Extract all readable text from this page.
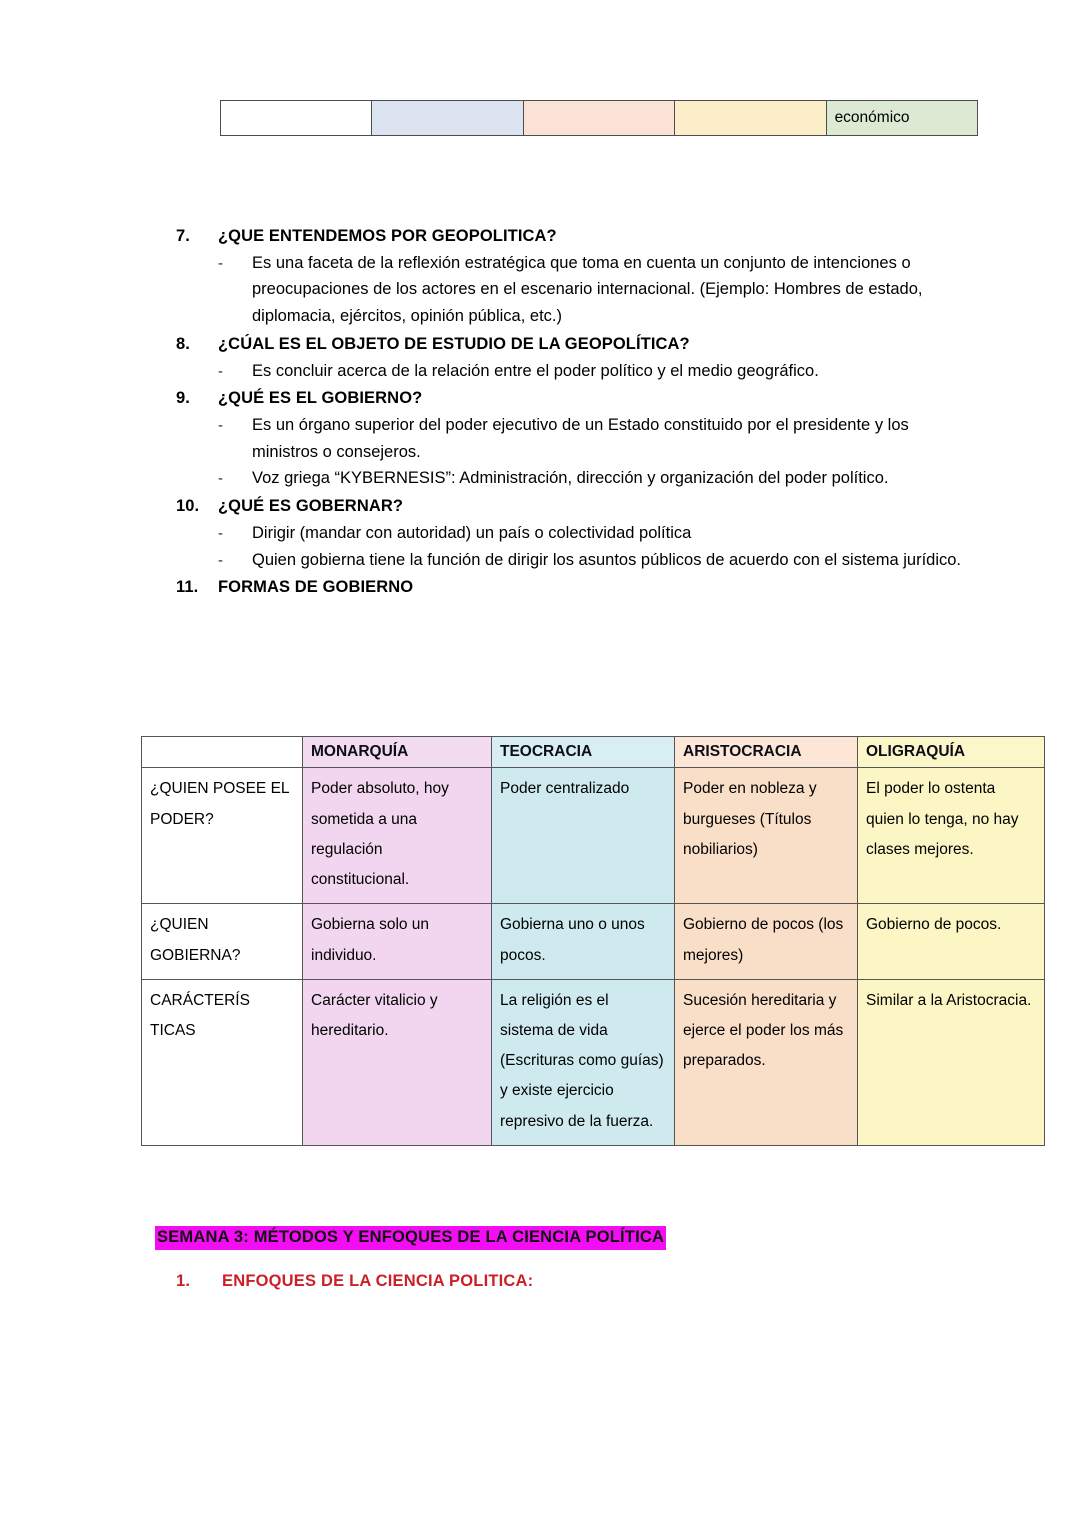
				económico
7.	¿QUE ENTENDEMOS POR GEOPOLITICA?
-	Es una faceta de la reflexión estratégica que toma en cuenta un conjunto de intenciones o preocupaciones de los actores en el escenario internacional. (Ejemplo: Hombres de estado, diplomacia, ejércitos, opinión pública, etc.)
8.	¿CÚAL ES EL OBJETO DE ESTUDIO DE LA GEOPOLÍTICA?
-	Es concluir acerca de la relación entre el poder político y el medio geográfico.
9.	¿QUÉ ES EL GOBIERNO?
-	Es un órgano superior del poder ejecutivo de un Estado constituido por el presidente y los ministros o consejeros.
-	Voz griega “KYBERNESIS”: Administración, dirección y organización del poder político.
10.	¿QUÉ ES GOBERNAR?
-	Dirigir (mandar con autoridad) un país o colectividad política
-	Quien gobierna tiene la función de dirigir los asuntos públicos de acuerdo con el sistema jurídico.
11.	FORMAS DE GOBIERNO
	MONARQUÍA	TEOCRACIA	ARISTOCRACIA	OLIGRAQUÍA
¿QUIEN POSEE EL PODER?	Poder absoluto, hoy sometida a una regulación constitucional.	Poder centralizado	Poder en nobleza y burgueses (Títulos nobiliarios)	El poder lo ostenta quien lo tenga, no hay clases mejores.
¿QUIEN GOBIERNA?	Gobierna solo un individuo.	Gobierna uno o unos pocos.	Gobierno de pocos (los mejores)	Gobierno de pocos.
CARÁCTERÍS TICAS	Carácter vitalicio y hereditario.	La religión es el sistema de vida (Escrituras como guías) y existe ejercicio represivo de la fuerza.	Sucesión hereditaria y ejerce el poder los más preparados.	Similar a la Aristocracia.
SEMANA 3: MÉTODOS Y ENFOQUES DE LA CIENCIA POLÍTICA
1.	ENFOQUES DE LA CIENCIA POLITICA:
